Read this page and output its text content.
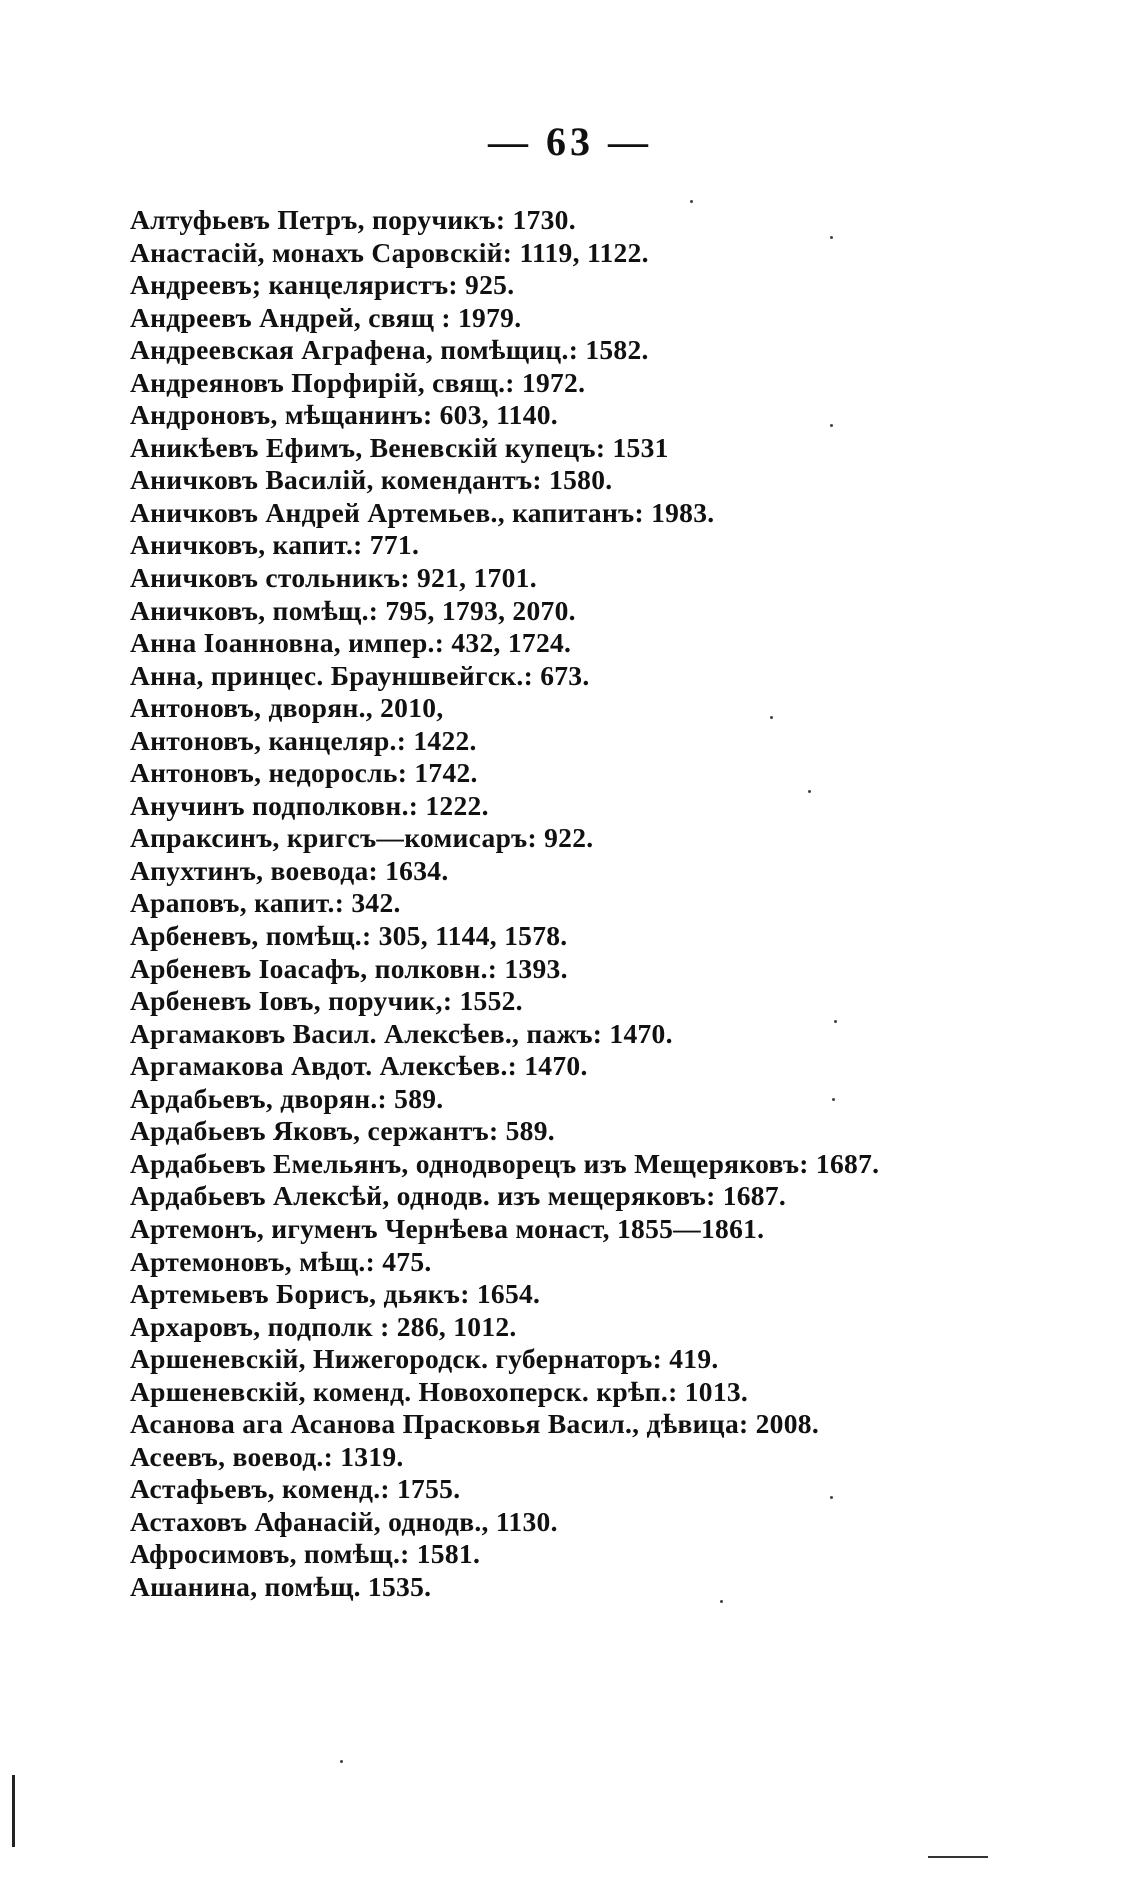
— 63 —
Алтуфьевъ Петръ, поручикъ: 1730.
Анастасiй, монахъ Саровскiй: 1119, 1122.
Андреевъ; канцеляристъ: 925.
Андреевъ Андрей, свящ : 1979.
Андреевская Аграфена, помѣщиц.: 1582.
Андреяновъ Порфирiй, свящ.: 1972.
Андроновъ, мѣщанинъ: 603, 1140.
Аникѣевъ Ефимъ, Веневскiй купецъ: 1531
Аничковъ Василiй, комендантъ: 1580.
Аничковъ Андрей Артемьев., капитанъ: 1983.
Аничковъ, капит.: 771.
Аничковъ стольникъ: 921, 1701.
Аничковъ, помѣщ.: 795, 1793, 2070.
Анна Iоанновна, импер.: 432, 1724.
Анна, принцес. Брауншвейгск.: 673.
Антоновъ, дворян., 2010,
Антоновъ, канцеляр.: 1422.
Антоновъ, недоросль: 1742.
Анучинъ подполковн.: 1222.
Апраксинъ, кригсъ—комисаръ: 922.
Апухтинъ, воевода: 1634.
Араповъ, капит.: 342.
Арбеневъ, помѣщ.: 305, 1144, 1578.
Арбеневъ Iоасафъ, полковн.: 1393.
Арбеневъ Iовъ, поручик,: 1552.
Аргамаковъ Васил. Алексѣев., пажъ: 1470.
Аргамакова Авдот. Алексѣев.: 1470.
Ардабьевъ, дворян.: 589.
Ардабьевъ Яковъ, сержантъ: 589.
Ардабьевъ Емельянъ, однодворецъ изъ Мещеряковъ: 1687.
Ардабьевъ Алексѣй, однодв. изъ мещеряковъ: 1687.
Артемонъ, игуменъ Чернѣева монаст, 1855—1861.
Артемоновъ, мѣщ.: 475.
Артемьевъ Борисъ, дьякъ: 1654.
Архаровъ, подполк : 286, 1012.
Аршеневскiй, Нижегородск. губернаторъ: 419.
Аршеневскiй, коменд. Новохоперск. крѣп.: 1013.
Асанова ага Асанова Прасковья Васил., дѣвица: 2008.
Асеевъ, воевод.: 1319.
Астафьевъ, коменд.: 1755.
Астаховъ Афанасiй, однодв., 1130.
Афросимовъ, помѣщ.: 1581.
Ашанина, помѣщ. 1535.
